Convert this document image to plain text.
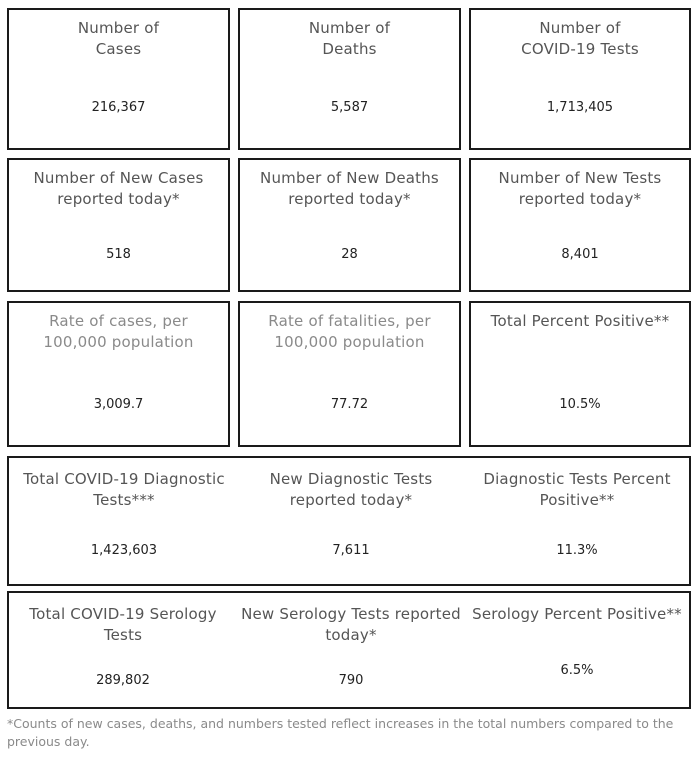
Number of
Cases
216,367
Number of
Deaths
5,587
Number of
COVID-19 Tests
1,713,405
Number of New Cases reported today*
518
Number of New Deaths reported today*
28
Number of New Tests reported today*
8,401
Rate of cases, per 100,000 population
3,009.7
Rate of fatalities, per 100,000 population
77.72
Total Percent Positive**
10.5%
Total COVID-19 Diagnostic Tests***
1,423,603
New Diagnostic Tests reported today*
7,611
Diagnostic Tests Percent Positive**
11.3%
Total COVID-19 Serology Tests
289,802
New Serology Tests reported today*
790
Serology Percent Positive**
6.5%
*Counts of new cases, deaths, and numbers tested reflect increases in the total numbers compared to the previous day.
